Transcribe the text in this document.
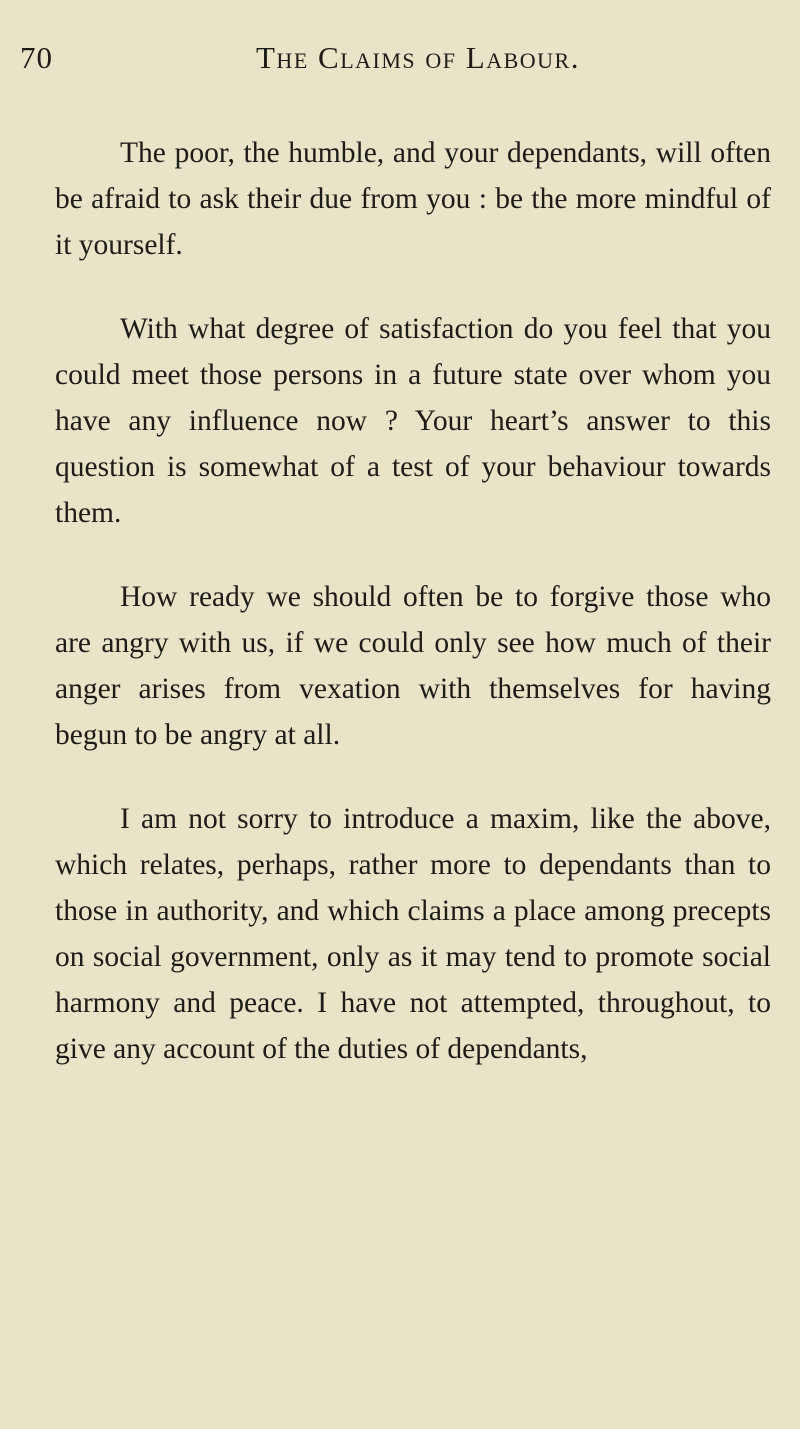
70	The Claims of Labour.

The poor, the humble, and your dependants, will often be afraid to ask their due from you : be the more mindful of it yourself.

With what degree of satisfaction do you feel that you could meet those persons in a future state over whom you have any influence now ? Your heart’s answer to this question is somewhat of a test of your behaviour towards them.

How ready we should often be to forgive those who are angry with us, if we could only see how much of their anger arises from vexation with themselves for having begun to be angry at all.

I am not sorry to introduce a maxim, like the above, which relates, perhaps, rather more to dependants than to those in authority, and which claims a place among precepts on social government, only as it may tend to promote social harmony and peace. I have not attempted, throughout, to give any account of the duties of dependants,
